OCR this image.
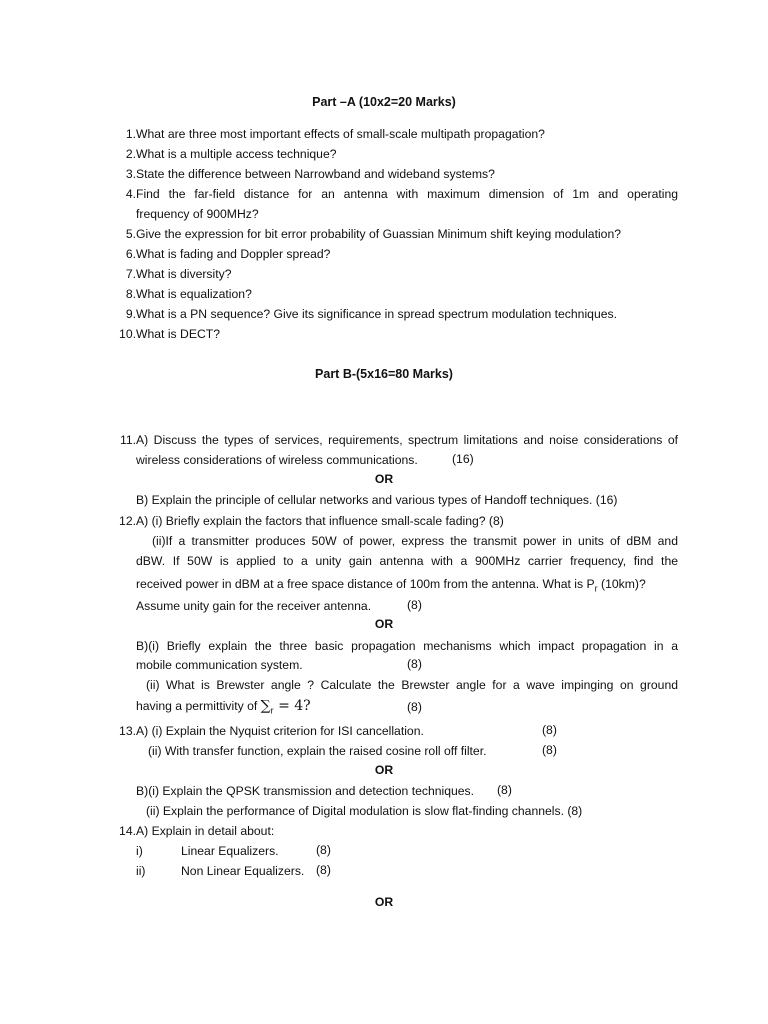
Part –A (10x2=20 Marks)
1. What are three most important effects of small-scale multipath propagation?
2. What is a multiple access technique?
3. State the difference between Narrowband and wideband systems?
4. Find the far-field distance for an antenna with maximum dimension of 1m and operating
frequency of 900MHz?
5. Give the expression for bit error probability of Guassian Minimum shift keying modulation?
6. What is fading and Doppler spread?
7. What is diversity?
8. What is equalization?
9. What is a PN sequence? Give its significance in spread spectrum modulation techniques.
10. What is DECT?
Part B-(5x16=80 Marks)
11. A) Discuss the types of services, requirements, spectrum limitations and noise considerations of
wireless considerations of wireless communications.	(16)
OR
B) Explain the principle of cellular networks and various types of Handoff techniques. (16)
12. A) (i) Briefly explain the factors that influence small-scale fading? (8)
(ii)If a transmitter produces 50W of power, express the transmit power in units of dBM and
dBW. If 50W is applied to a unity gain antenna with a 900MHz carrier frequency, find the
received power in dBM at a free space distance of 100m from the antenna. What is $P_r$ (10km)?
Assume unity gain for the receiver antenna.	(8)
OR
B)(i) Briefly explain the three basic propagation mechanisms which impact propagation in a
mobile communication system.	(8)
(ii) What is Brewster angle ? Calculate the Brewster angle for a wave impinging on ground
having a permittivity of $\sum_r = 4$?	(8)
13. A) (i) Explain the Nyquist criterion for ISI cancellation.	(8)
(ii) With transfer function, explain the raised cosine roll off filter.	(8)
OR
B)(i) Explain the QPSK transmission and detection techniques. (8)
(ii) Explain the performance of Digital modulation is slow flat-finding channels. (8)
14. A) Explain in detail about:
i)	Linear Equalizers.	(8)
ii)	Non Linear Equalizers. (8)
OR
